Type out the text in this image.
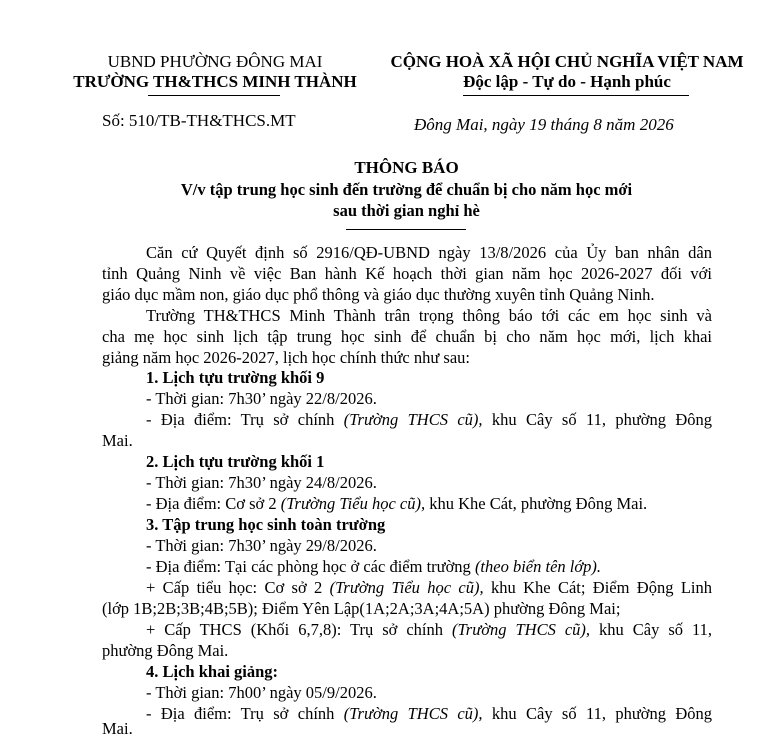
UBND PHƯỜNG ĐÔNG MAI
TRƯỜNG TH&THCS MINH THÀNH
Số: 510/TB-TH&THCS.MT
CỘNG HOÀ XÃ HỘI CHỦ NGHĨA VIỆT NAM
Độc lập - Tự do - Hạnh phúc
Đông Mai, ngày 19 tháng 8 năm 2026
THÔNG BÁO
V/v tập trung học sinh đến trường để chuẩn bị cho năm học mới
sau thời gian nghỉ hè
Căn cứ Quyết định số 2916/QĐ-UBND ngày 13/8/2026 của Ủy ban nhân dân
tỉnh Quảng Ninh về việc Ban hành Kế hoạch thời gian năm học 2026-2027 đối với
giáo dục mầm non, giáo dục phổ thông và giáo dục thường xuyên tỉnh Quảng Ninh.
Trường TH&THCS Minh Thành trân trọng thông báo tới các em học sinh và
cha mẹ học sinh lịch tập trung học sinh để chuẩn bị cho năm học mới, lịch khai
giảng năm học 2026-2027, lịch học chính thức như sau:
1. Lịch tựu trường khối 9
- Thời gian: 7h30’ ngày 22/8/2026.
- Địa điểm: Trụ sở chính (Trường THCS cũ), khu Cây số 11, phường Đông
Mai.
2. Lịch tựu trường khối 1
- Thời gian: 7h30’ ngày 24/8/2026.
- Địa điểm: Cơ sở 2 (Trường Tiểu học cũ), khu Khe Cát, phường Đông Mai.
3. Tập trung học sinh toàn trường
- Thời gian: 7h30’ ngày 29/8/2026.
- Địa điểm: Tại các phòng học ở các điểm trường (theo biển tên lớp).
+ Cấp tiểu học: Cơ sở 2 (Trường Tiểu học cũ), khu Khe Cát; Điểm Động Linh
(lớp 1B;2B;3B;4B;5B); Điểm Yên Lập(1A;2A;3A;4A;5A) phường Đông Mai;
+ Cấp THCS (Khối 6,7,8): Trụ sở chính (Trường THCS cũ), khu Cây số 11,
phường Đông Mai.
4. Lịch khai giảng:
- Thời gian: 7h00’ ngày 05/9/2026.
- Địa điểm: Trụ sở chính (Trường THCS cũ), khu Cây số 11, phường Đông
Mai.
